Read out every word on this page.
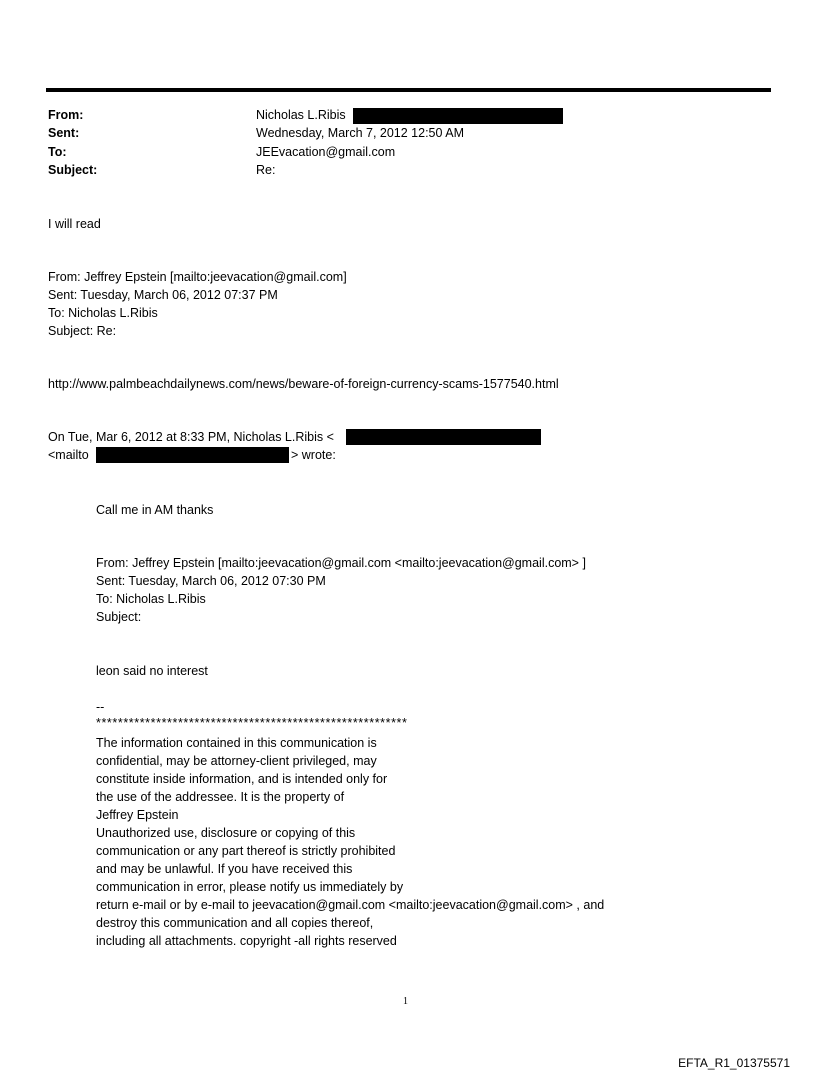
From:	Nicholas L.Ribis
Sent:	Wednesday, March 7, 2012 12:50 AM
To:	JEEvacation@gmail.com
Subject:	Re:
I will read
From: Jeffrey Epstein [mailto:jeevacation@gmail.com]
Sent: Tuesday, March 06, 2012 07:37 PM
To: Nicholas L.Ribis
Subject: Re:
http://www.palmbeachdailynews.com/news/beware-of-foreign-currency-scams-1577540.html
On Tue, Mar 6, 2012 at 8:33 PM, Nicholas L.Ribis <
<mailto	> wrote:
Call me in AM thanks
From: Jeffrey Epstein [mailto:jeevacation@gmail.com <mailto:jeevacation@gmail.com> ]
Sent: Tuesday, March 06, 2012 07:30 PM
To: Nicholas L.Ribis
Subject:
leon said no interest
--
*********************************************************
The information contained in this communication is
confidential, may be attorney-client privileged, may
constitute inside information, and is intended only for
the use of the addressee. It is the property of
Jeffrey Epstein
Unauthorized use, disclosure or copying of this
communication or any part thereof is strictly prohibited
and may be unlawful. If you have received this
communication in error, please notify us immediately by
return e-mail or by e-mail to jeevacation@gmail.com <mailto:jeevacation@gmail.com> , and
destroy this communication and all copies thereof,
including all attachments. copyright -all rights reserved
1
EFTA_R1_01375571
